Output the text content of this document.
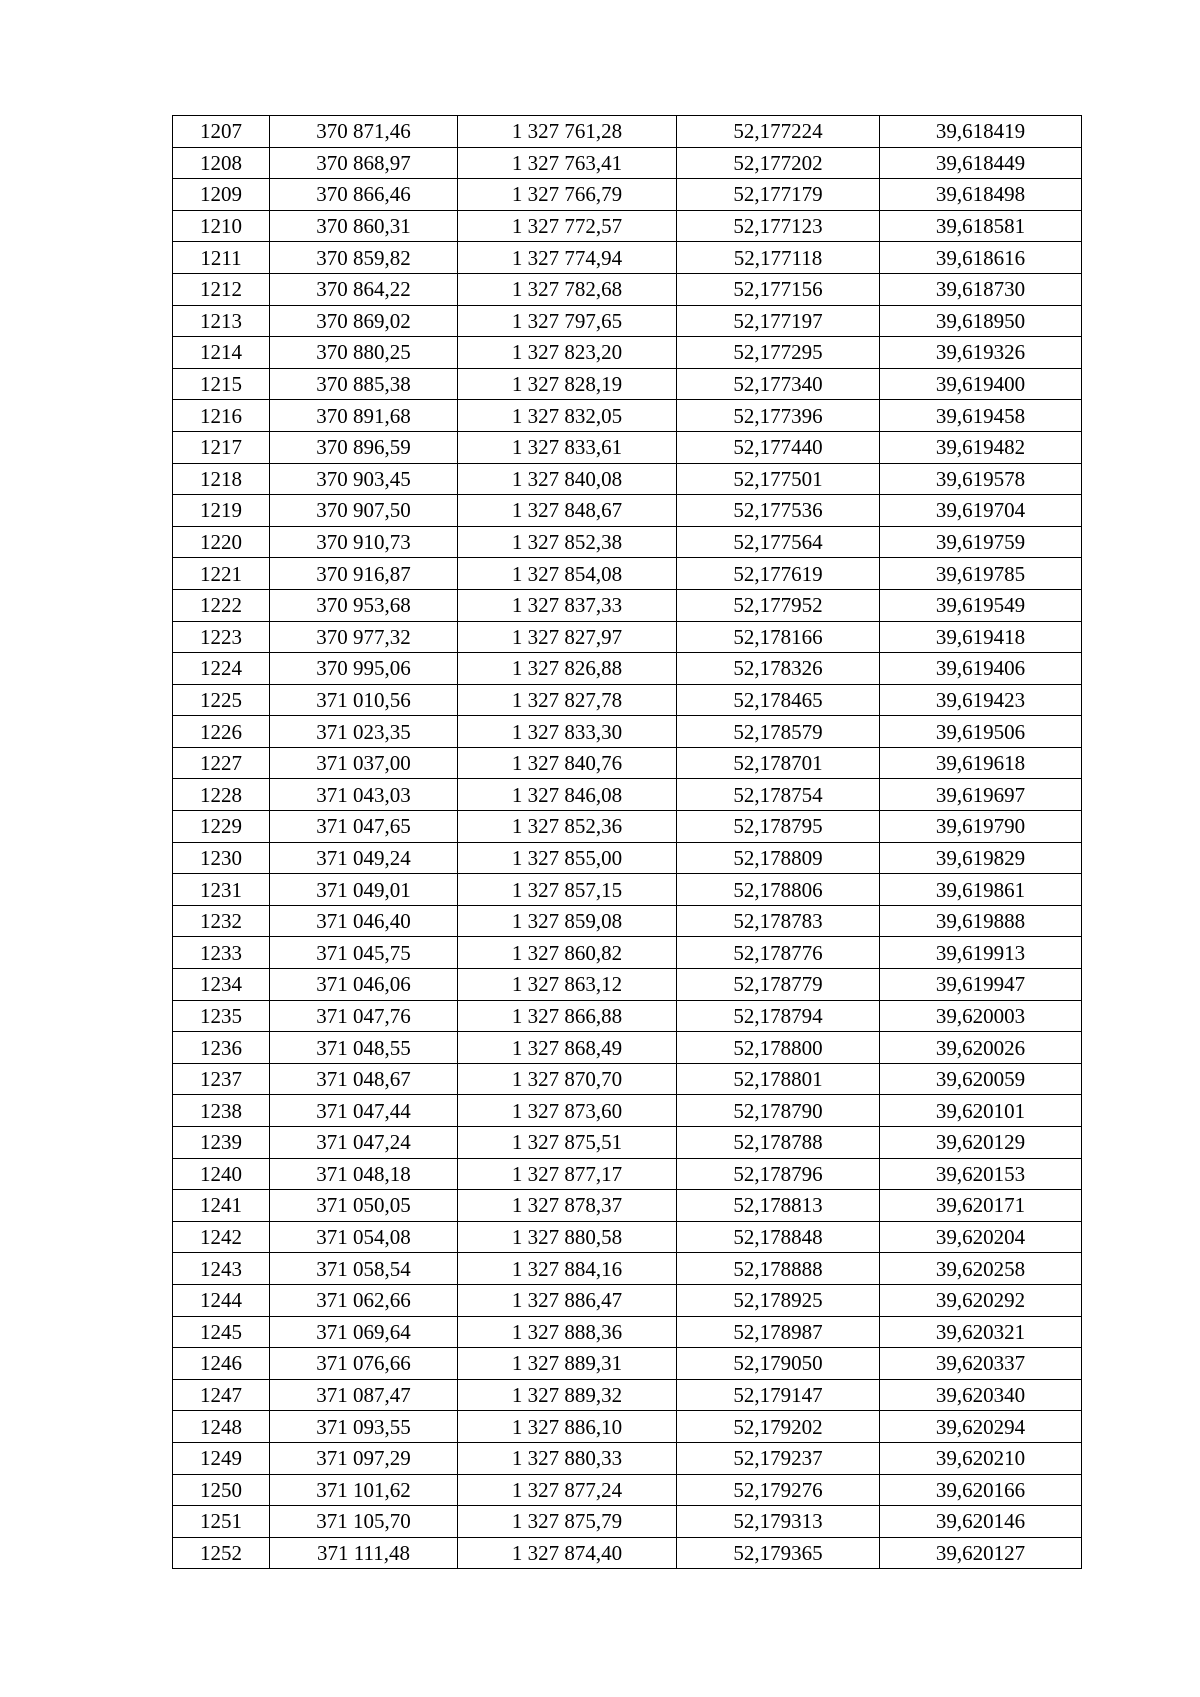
1207	370 871,46	1 327 761,28	52,177224	39,618419
1208	370 868,97	1 327 763,41	52,177202	39,618449
1209	370 866,46	1 327 766,79	52,177179	39,618498
1210	370 860,31	1 327 772,57	52,177123	39,618581
1211	370 859,82	1 327 774,94	52,177118	39,618616
1212	370 864,22	1 327 782,68	52,177156	39,618730
1213	370 869,02	1 327 797,65	52,177197	39,618950
1214	370 880,25	1 327 823,20	52,177295	39,619326
1215	370 885,38	1 327 828,19	52,177340	39,619400
1216	370 891,68	1 327 832,05	52,177396	39,619458
1217	370 896,59	1 327 833,61	52,177440	39,619482
1218	370 903,45	1 327 840,08	52,177501	39,619578
1219	370 907,50	1 327 848,67	52,177536	39,619704
1220	370 910,73	1 327 852,38	52,177564	39,619759
1221	370 916,87	1 327 854,08	52,177619	39,619785
1222	370 953,68	1 327 837,33	52,177952	39,619549
1223	370 977,32	1 327 827,97	52,178166	39,619418
1224	370 995,06	1 327 826,88	52,178326	39,619406
1225	371 010,56	1 327 827,78	52,178465	39,619423
1226	371 023,35	1 327 833,30	52,178579	39,619506
1227	371 037,00	1 327 840,76	52,178701	39,619618
1228	371 043,03	1 327 846,08	52,178754	39,619697
1229	371 047,65	1 327 852,36	52,178795	39,619790
1230	371 049,24	1 327 855,00	52,178809	39,619829
1231	371 049,01	1 327 857,15	52,178806	39,619861
1232	371 046,40	1 327 859,08	52,178783	39,619888
1233	371 045,75	1 327 860,82	52,178776	39,619913
1234	371 046,06	1 327 863,12	52,178779	39,619947
1235	371 047,76	1 327 866,88	52,178794	39,620003
1236	371 048,55	1 327 868,49	52,178800	39,620026
1237	371 048,67	1 327 870,70	52,178801	39,620059
1238	371 047,44	1 327 873,60	52,178790	39,620101
1239	371 047,24	1 327 875,51	52,178788	39,620129
1240	371 048,18	1 327 877,17	52,178796	39,620153
1241	371 050,05	1 327 878,37	52,178813	39,620171
1242	371 054,08	1 327 880,58	52,178848	39,620204
1243	371 058,54	1 327 884,16	52,178888	39,620258
1244	371 062,66	1 327 886,47	52,178925	39,620292
1245	371 069,64	1 327 888,36	52,178987	39,620321
1246	371 076,66	1 327 889,31	52,179050	39,620337
1247	371 087,47	1 327 889,32	52,179147	39,620340
1248	371 093,55	1 327 886,10	52,179202	39,620294
1249	371 097,29	1 327 880,33	52,179237	39,620210
1250	371 101,62	1 327 877,24	52,179276	39,620166
1251	371 105,70	1 327 875,79	52,179313	39,620146
1252	371 111,48	1 327 874,40	52,179365	39,620127
